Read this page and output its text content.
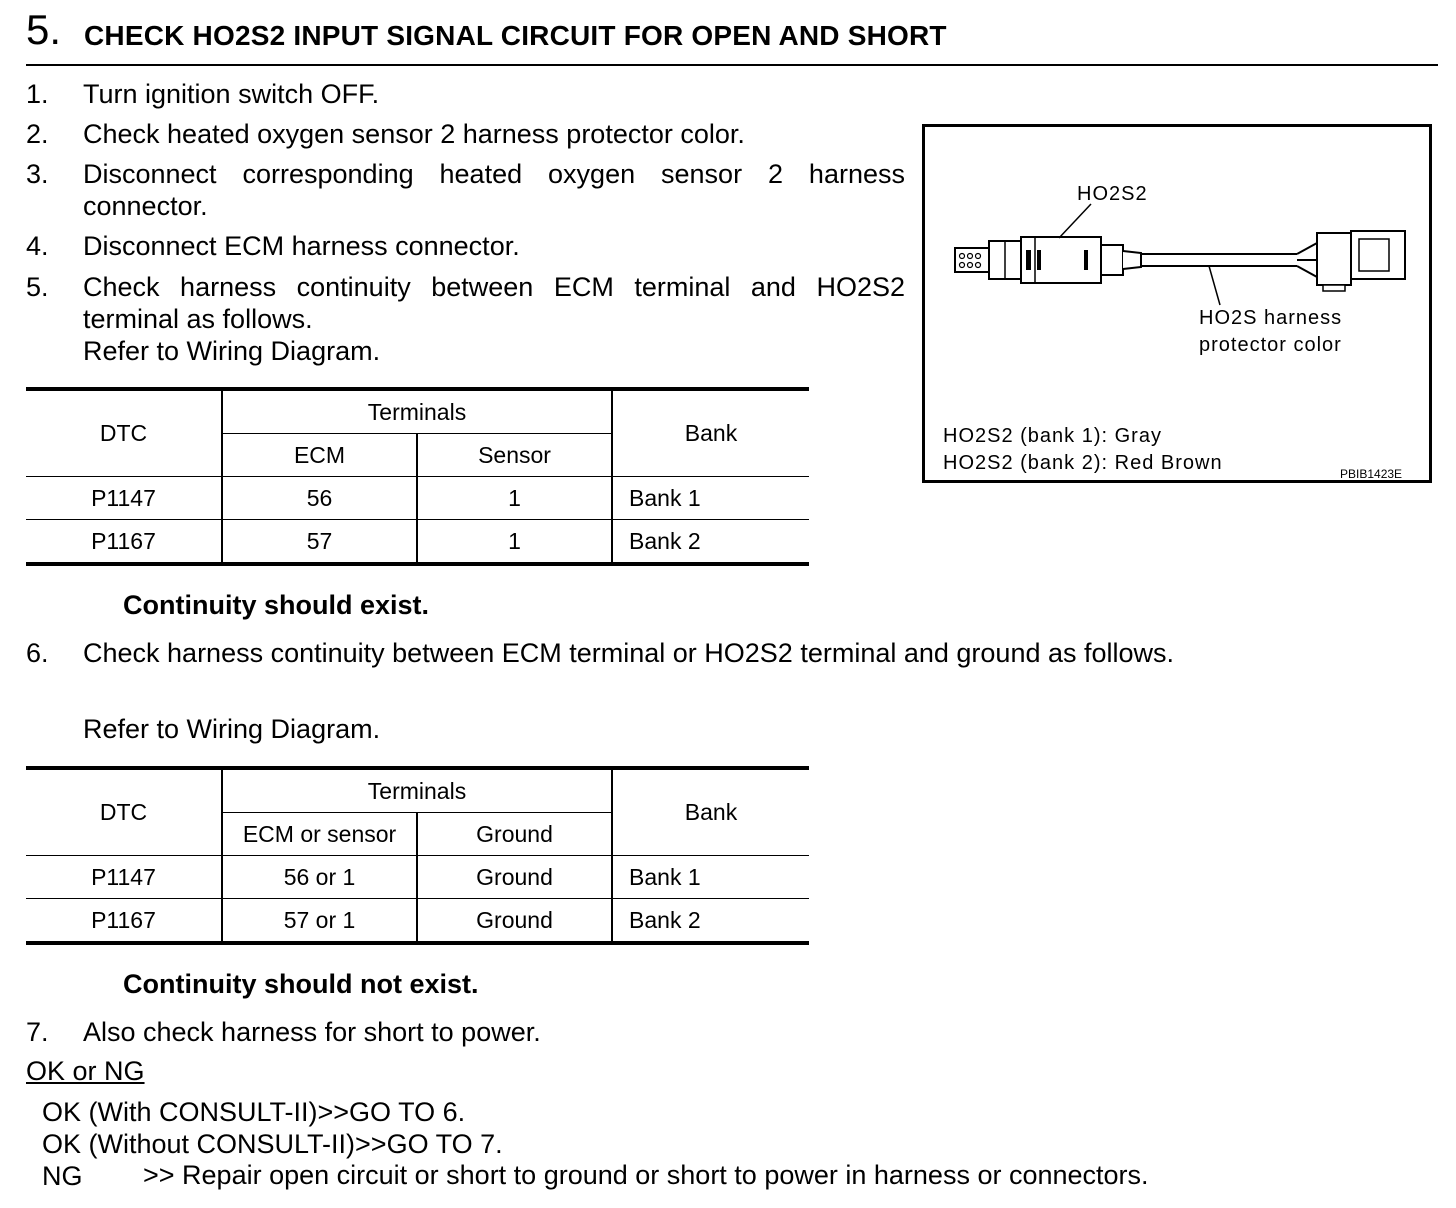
5. CHECK HO2S2 INPUT SIGNAL CIRCUIT FOR OPEN AND SHORT
1. Turn ignition switch OFF.
2. Check heated oxygen sensor 2 harness protector color.
3. Disconnect corresponding heated oxygen sensor 2 harness
connector.
4. Disconnect ECM harness connector.
5. Check harness continuity between ECM terminal and HO2S2
terminal as follows.
Refer to Wiring Diagram.
DTC	Terminals		Bank
	ECM	Sensor	
P1147	56	1	Bank 1
P1167	57	1	Bank 2
Continuity should exist.
6. Check harness continuity between ECM terminal or HO2S2 terminal and ground as follows.
Refer to Wiring Diagram.
DTC	Terminals		Bank
	ECM or sensor	Ground	
P1147	56 or 1	Ground	Bank 1
P1167	57 or 1	Ground	Bank 2
Continuity should not exist.
7. Also check harness for short to power.
OK or NG
OK (With CONSULT-II)>>GO TO 6.
OK (Without CONSULT-II)>>GO TO 7.
NG >> Repair open circuit or short to ground or short to power in harness or connectors.
HO2S2
HO2S harness
protector color
HO2S2 (bank 1): Gray
HO2S2 (bank 2): Red Brown	PBIB1423E
